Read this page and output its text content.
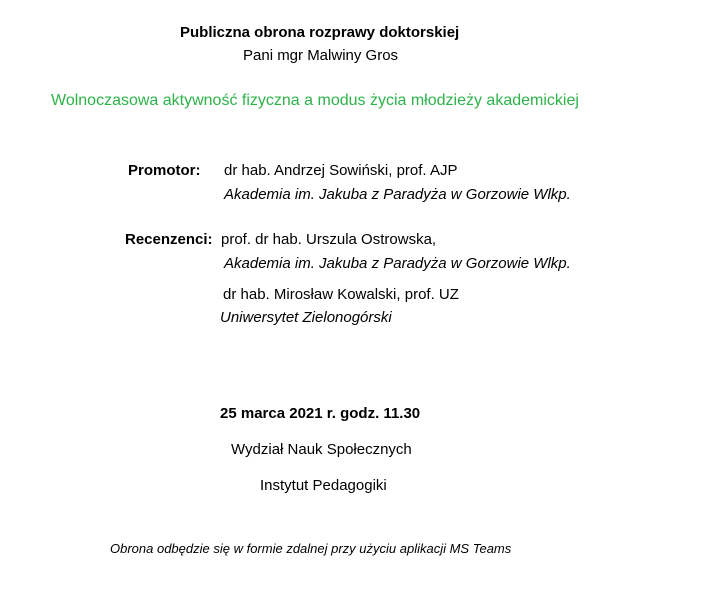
Publiczna obrona rozprawy doktorskiej
Pani mgr Malwiny Gros
Wolnoczasowa aktywność fizyczna a modus życia młodzieży akademickiej
Promotor: dr hab. Andrzej Sowiński, prof. AJP
Akademia im. Jakuba z Paradyża w Gorzowie Wlkp.
Recenzenci: prof. dr hab. Urszula Ostrowska,
Akademia im. Jakuba z Paradyża w Gorzowie Wlkp.
dr hab. Mirosław Kowalski, prof. UZ
Uniwersytet Zielonogórski
25 marca 2021 r. godz. 11.30
Wydział Nauk Społecznych
Instytut Pedagogiki
Obrona odbędzie się w formie zdalnej przy użyciu aplikacji MS Teams
